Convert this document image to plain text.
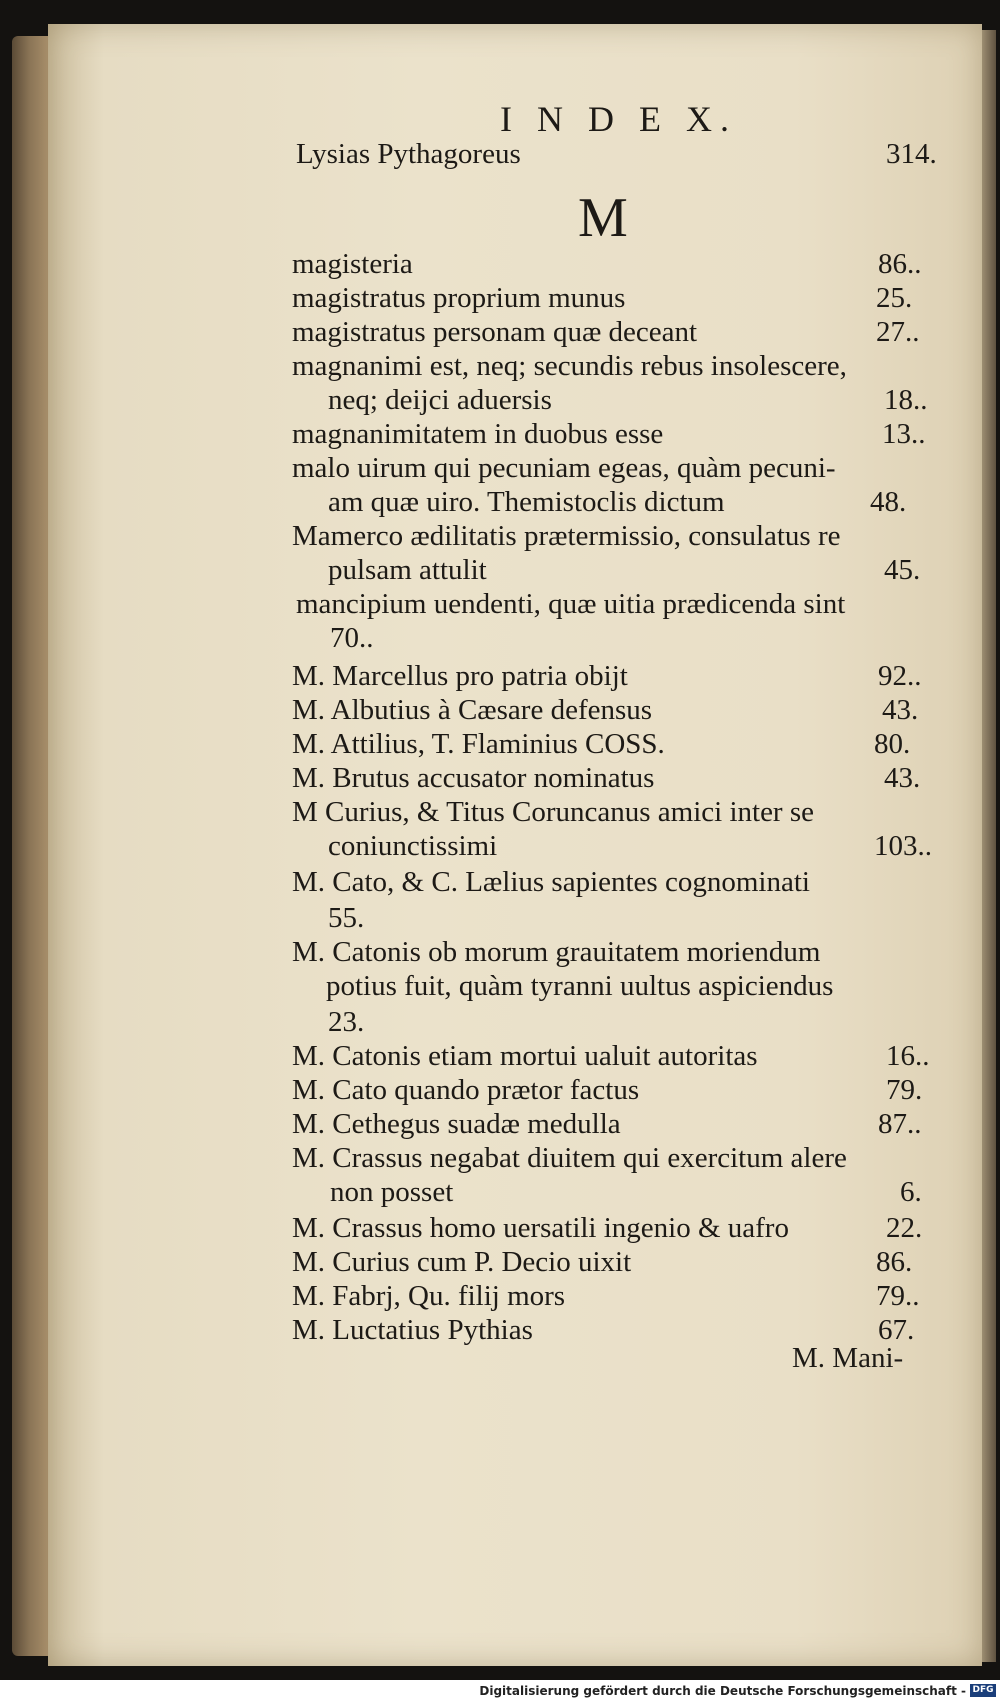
I N D E X.
Lysias Pythagoreus	314.
M
magisteria	86..
magistratus proprium munus	25.
magistratus personam quæ deceant	27..
magnanimi est, neq; secundis rebus insolescere,
neq; deijci aduersis	18..
magnanimitatem in duobus esse	13..
malo uirum qui pecuniam egeas, quàm pecuni-
am quæ uiro. Themistoclis dictum	48.
Mamerco ædilitatis prætermissio, consulatus re
pulsam attulit	45.
mancipium uendenti, quæ uitia prædicenda sint
70..
M. Marcellus pro patria obijt	92..
M. Albutius à Cæsare defensus	43.
M. Attilius, T. Flaminius COSS.	80.
M. Brutus accusator nominatus	43.
M Curius, & Titus Coruncanus amici inter se
coniunctissimi	103..
M. Cato, & C. Lælius sapientes cognominati
55.
M. Catonis ob morum grauitatem moriendum
potius fuit, quàm tyranni uultus aspiciendus
23.
M. Catonis etiam mortui ualuit autoritas	16..
M. Cato quando prætor factus	79.
M. Cethegus suadæ medulla	87..
M. Crassus negabat diuitem qui exercitum alere
non posset	6.
M. Crassus homo uersatili ingenio & uafro	22.
M. Curius cum P. Decio uixit	86.
M. Fabrj, Qu. filij mors	79..
M. Luctatius Pythias	67.
M. Mani-
Digitalisierung gefördert durch die Deutsche Forschungsgemeinschaft - DFG
